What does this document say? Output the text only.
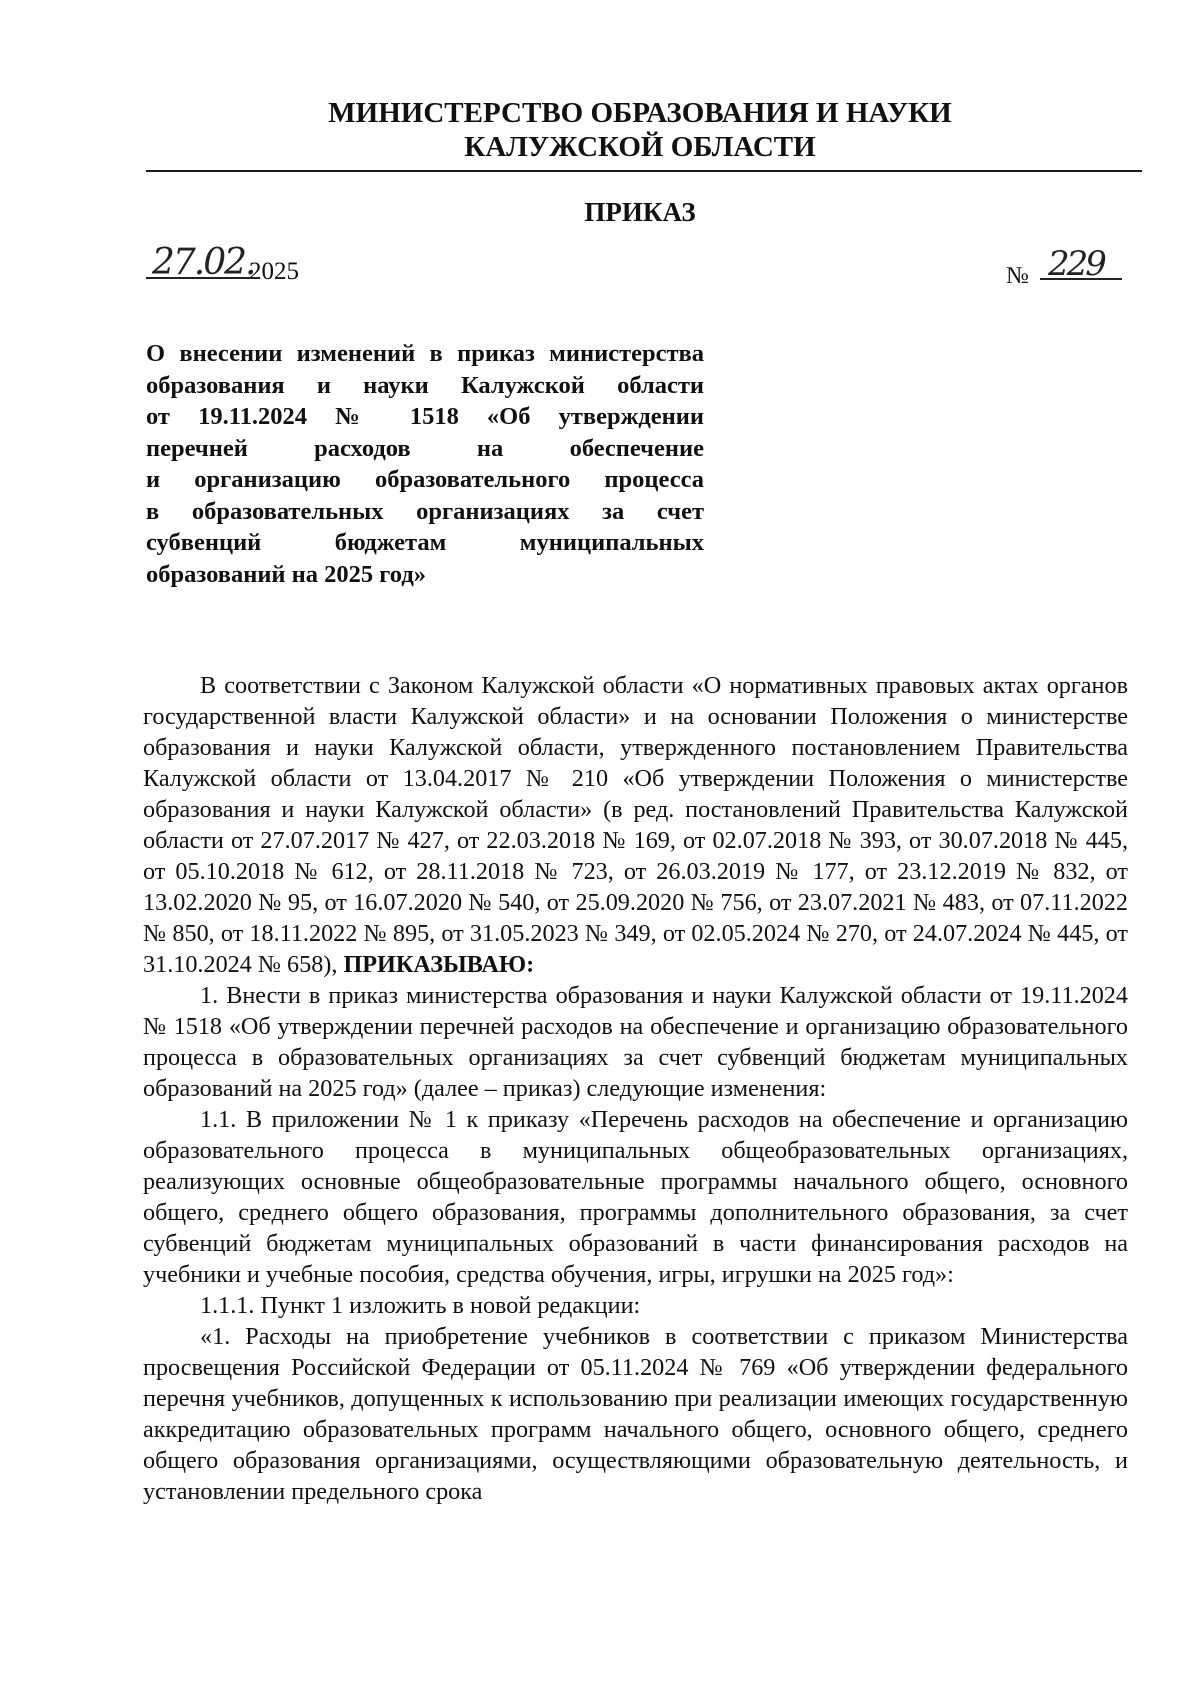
МИНИСТЕРСТВО ОБРАЗОВАНИЯ И НАУКИ
КАЛУЖСКОЙ ОБЛАСТИ
ПРИКАЗ
27.02.
2025	№ 229
О внесении изменений в приказ министерства
образования и науки Калужской области
от 19.11.2024 № 1518 «Об утверждении
перечней расходов на обеспечение
и организацию образовательного процесса
в образовательных организациях за счет
субвенций бюджетам муниципальных
образований на 2025 год»

В соответствии с Законом Калужской области «О нормативных правовых актах органов государственной власти Калужской области» и на основании Положения о министерстве образования и науки Калужской области, утвержденного постановлением Правительства Калужской области от 13.04.2017 № 210 «Об утверждении Положения о министерстве образования и науки Калужской области» (в ред. постановлений Правительства Калужской области от 27.07.2017 № 427, от 22.03.2018 № 169, от 02.07.2018 № 393, от 30.07.2018 № 445, от 05.10.2018 № 612, от 28.11.2018 № 723, от 26.03.2019 № 177, от 23.12.2019 № 832, от 13.02.2020 № 95, от 16.07.2020 № 540, от 25.09.2020 № 756, от 23.07.2021 № 483, от 07.11.2022 № 850, от 18.11.2022 № 895, от 31.05.2023 № 349, от 02.05.2024 № 270, от 24.07.2024 № 445, от 31.10.2024 № 658), ПРИКАЗЫВАЮ:

1. Внести в приказ министерства образования и науки Калужской области от 19.11.2024 № 1518 «Об утверждении перечней расходов на обеспечение и организацию образовательного процесса в образовательных организациях за счет субвенций бюджетам муниципальных образований на 2025 год» (далее – приказ) следующие изменения:

1.1. В приложении № 1 к приказу «Перечень расходов на обеспечение и организацию образовательного процесса в муниципальных общеобразовательных организациях, реализующих основные общеобразовательные программы начального общего, основного общего, среднего общего образования, программы дополнительного образования, за счет субвенций бюджетам муниципальных образований в части финансирования расходов на учебники и учебные пособия, средства обучения, игры, игрушки на 2025 год»:

1.1.1. Пункт 1 изложить в новой редакции:

«1. Расходы на приобретение учебников в соответствии с приказом Министерства просвещения Российской Федерации от 05.11.2024 № 769 «Об утверждении федерального перечня учебников, допущенных к использованию при реализации имеющих государственную аккредитацию образовательных программ начального общего, основного общего, среднего общего образования организациями, осуществляющими образовательную деятельность, и установлении предельного срока
